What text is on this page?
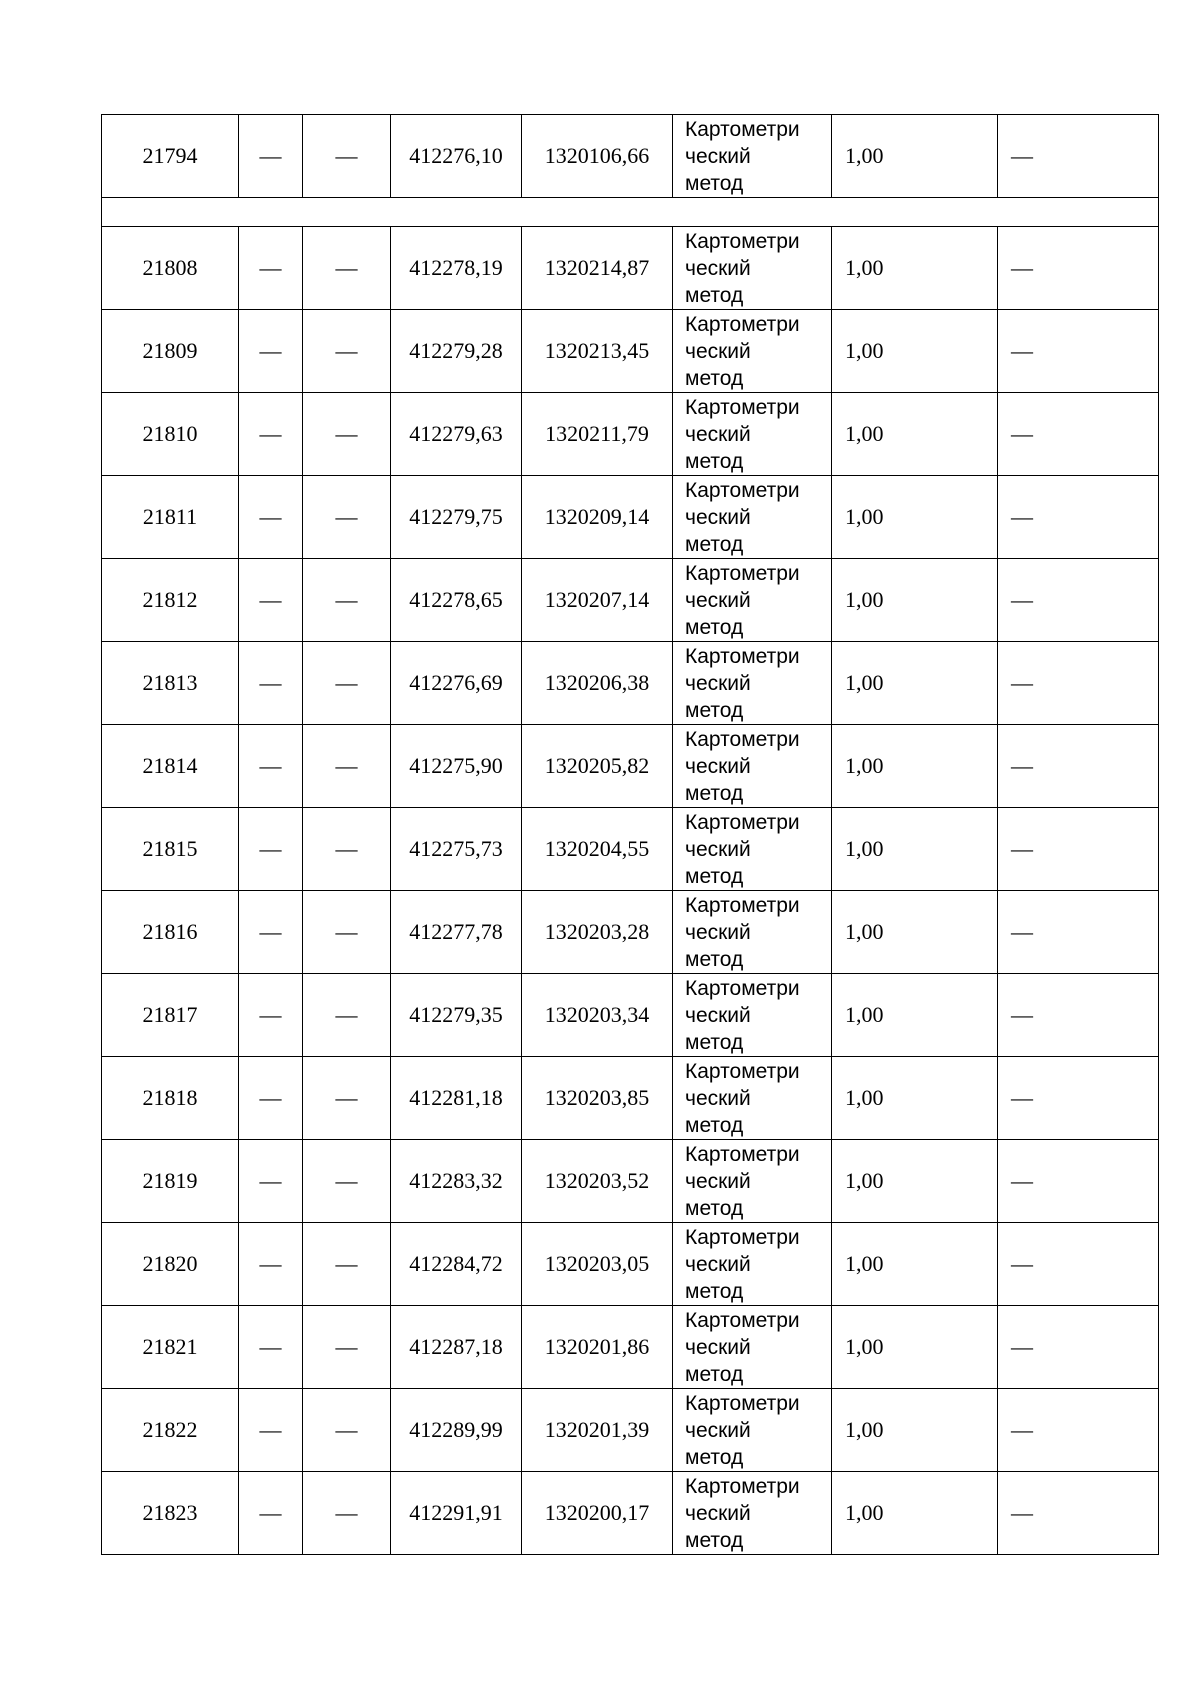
21794	—	—	412276,10	1320106,66	Картометри
ческий
метод	1,00	—

21808	—	—	412278,19	1320214,87	Картометри
ческий
метод	1,00	—
21809	—	—	412279,28	1320213,45	Картометри
ческий
метод	1,00	—
21810	—	—	412279,63	1320211,79	Картометри
ческий
метод	1,00	—
21811	—	—	412279,75	1320209,14	Картометри
ческий
метод	1,00	—
21812	—	—	412278,65	1320207,14	Картометри
ческий
метод	1,00	—
21813	—	—	412276,69	1320206,38	Картометри
ческий
метод	1,00	—
21814	—	—	412275,90	1320205,82	Картометри
ческий
метод	1,00	—
21815	—	—	412275,73	1320204,55	Картометри
ческий
метод	1,00	—
21816	—	—	412277,78	1320203,28	Картометри
ческий
метод	1,00	—
21817	—	—	412279,35	1320203,34	Картометри
ческий
метод	1,00	—
21818	—	—	412281,18	1320203,85	Картометри
ческий
метод	1,00	—
21819	—	—	412283,32	1320203,52	Картометри
ческий
метод	1,00	—
21820	—	—	412284,72	1320203,05	Картометри
ческий
метод	1,00	—
21821	—	—	412287,18	1320201,86	Картометри
ческий
метод	1,00	—
21822	—	—	412289,99	1320201,39	Картометри
ческий
метод	1,00	—
21823	—	—	412291,91	1320200,17	Картометри
ческий
метод	1,00	—
